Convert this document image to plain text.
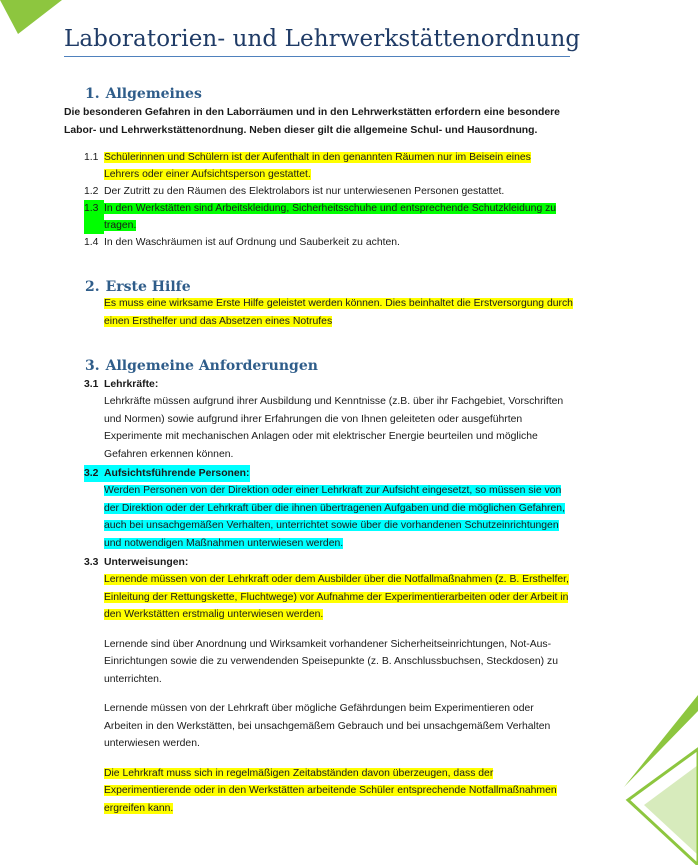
Laboratorien- und Lehrwerkstättenordnung
1. Allgemeines
Die besonderen Gefahren in den Laborräumen und in den Lehrwerkstätten erfordern eine besondere Labor- und Lehrwerkstättenordnung. Neben dieser gilt die allgemeine Schul- und Hausordnung.
1.1 Schülerinnen und Schülern ist der Aufenthalt in den genannten Räumen nur im Beisein eines Lehrers oder einer Aufsichtsperson gestattet.
1.2 Der Zutritt zu den Räumen des Elektrolabors ist nur unterwiesenen Personen gestattet.
1.3 In den Werkstätten sind Arbeitskleidung, Sicherheitsschuhe und entsprechende Schutzkleidung zu tragen.
1.4 In den Waschräumen ist auf Ordnung und Sauberkeit zu achten.
2. Erste Hilfe
Es muss eine wirksame Erste Hilfe geleistet werden können. Dies beinhaltet die Erstversorgung durch einen Ersthelfer und das Absetzen eines Notrufes
3. Allgemeine Anforderungen
3.1 Lehrkräfte:
Lehrkräfte müssen aufgrund ihrer Ausbildung und Kenntnisse (z.B. über ihr Fachgebiet, Vorschriften und Normen) sowie aufgrund ihrer Erfahrungen die von Ihnen geleiteten oder ausgeführten Experimente mit mechanischen Anlagen oder mit elektrischer Energie beurteilen und mögliche Gefahren erkennen können.
3.2 Aufsichtsführende Personen:
Werden Personen von der Direktion oder einer Lehrkraft zur Aufsicht eingesetzt, so müssen sie von der Direktion oder der Lehrkraft über die ihnen übertragenen Aufgaben und die möglichen Gefahren, auch bei unsachgemäßen Verhalten, unterrichtet sowie über die vorhandenen Schutzeinrichtungen und notwendigen Maßnahmen unterwiesen werden.
3.3 Unterweisungen:
Lernende müssen von der Lehrkraft oder dem Ausbilder über die Notfallmaßnahmen (z. B. Ersthelfer, Einleitung der Rettungskette, Fluchtwege) vor Aufnahme der Experimentierarbeiten oder der Arbeit in den Werkstätten erstmalig unterwiesen werden.
Lernende sind über Anordnung und Wirksamkeit vorhandener Sicherheitseinrichtungen, Not-Aus-Einrichtungen sowie die zu verwendenden Speisepunkte (z. B. Anschlussbuchsen, Steckdosen) zu unterrichten.
Lernende müssen von der Lehrkraft über mögliche Gefährdungen beim Experimentieren oder Arbeiten in den Werkstätten, bei unsachgemäßem Gebrauch und bei unsachgemäßem Verhalten unterwiesen werden.
Die Lehrkraft muss sich in regelmäßigen Zeitabständen davon überzeugen, dass der Experimentierende oder in den Werkstätten arbeitende Schüler entsprechende Notfallmaßnahmen ergreifen kann.
